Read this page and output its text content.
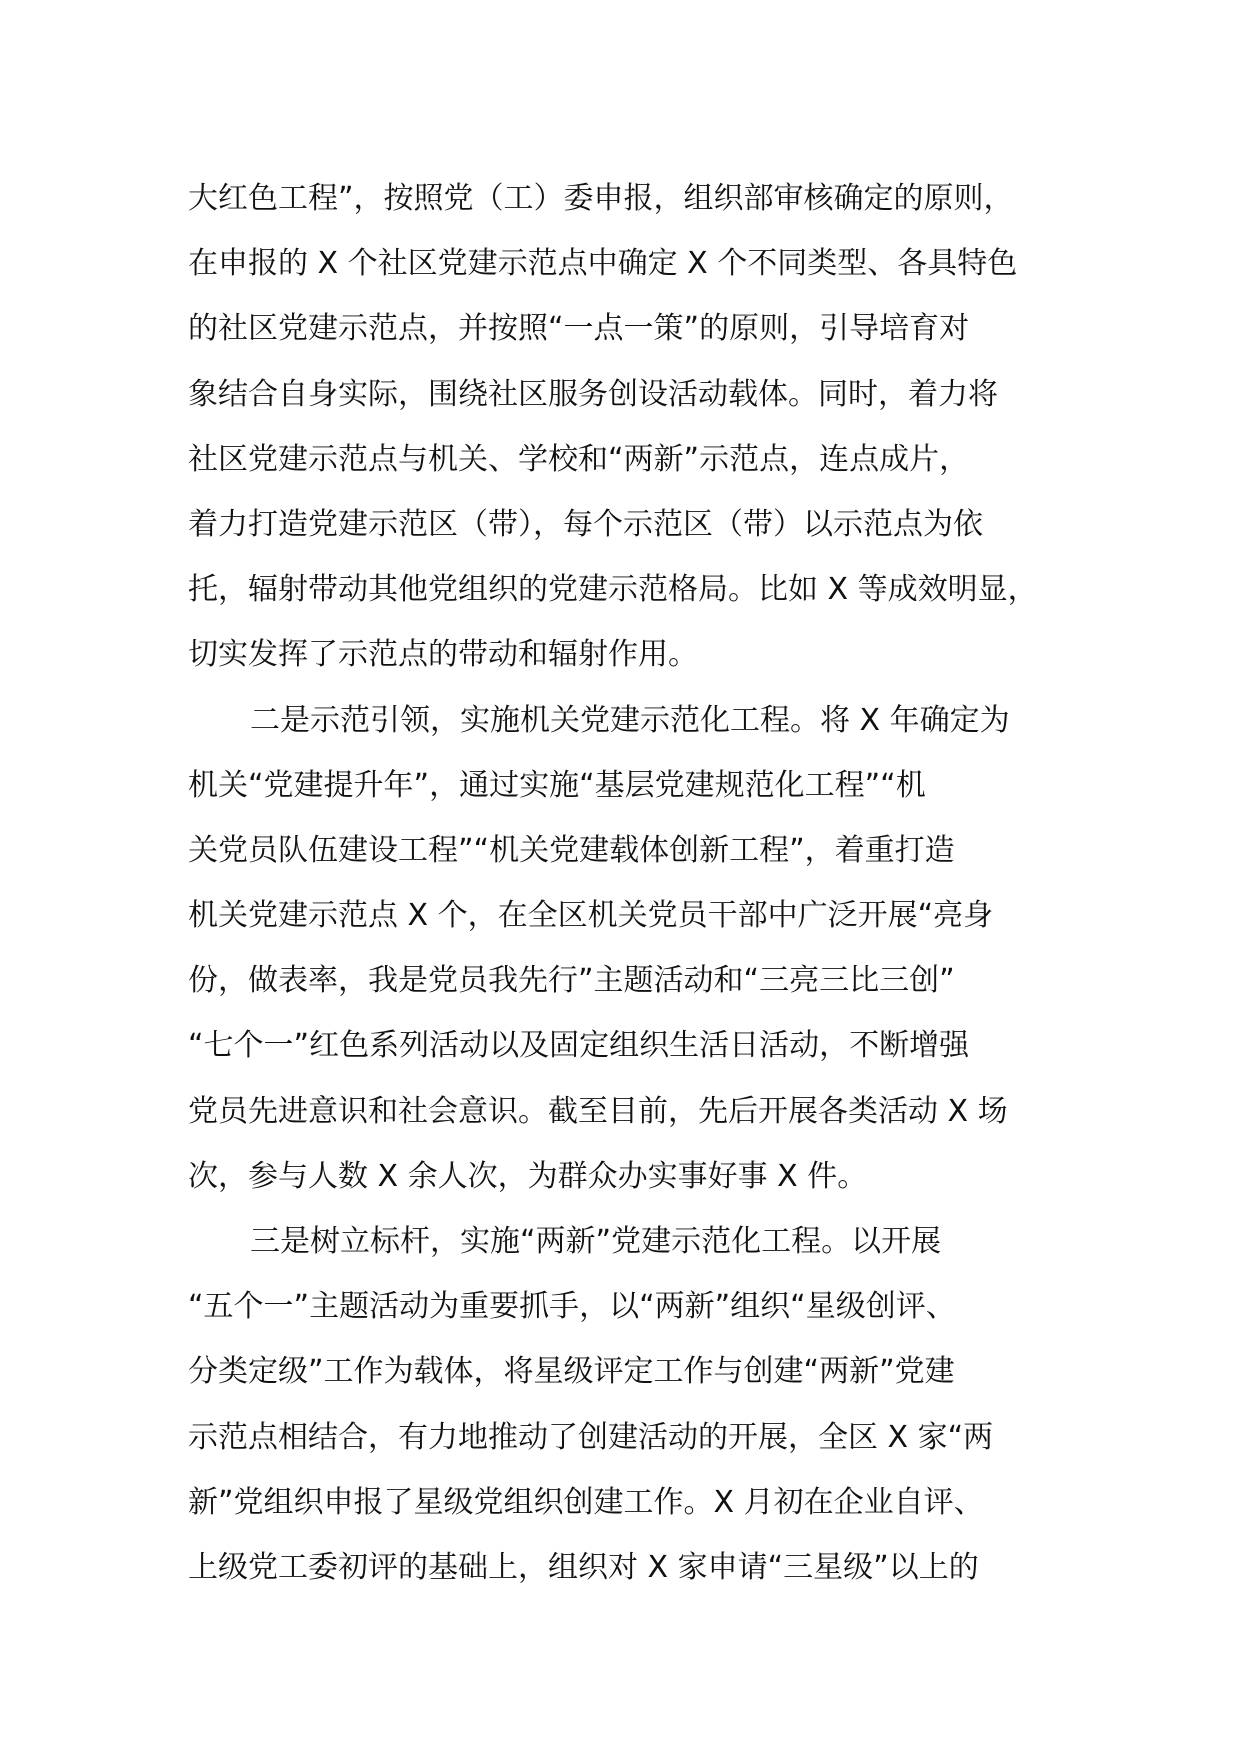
大红色工程”，按照党（工）委申报，组织部审核确定的原则，
在申报的 X 个社区党建示范点中确定 X 个不同类型、各具特色
的社区党建示范点，并按照“一点一策”的原则，引导培育对
象结合自身实际，围绕社区服务创设活动载体。同时，着力将
社区党建示范点与机关、学校和“两新”示范点，连点成片，
着力打造党建示范区（带），每个示范区（带）以示范点为依
托，辐射带动其他党组织的党建示范格局。比如 X 等成效明显，
切实发挥了示范点的带动和辐射作用。
二是示范引领，实施机关党建示范化工程。将 X 年确定为
机关“党建提升年”，通过实施“基层党建规范化工程”“机
关党员队伍建设工程”“机关党建载体创新工程”，着重打造
机关党建示范点 X 个，在全区机关党员干部中广泛开展“亮身
份，做表率，我是党员我先行”主题活动和“三亮三比三创”
“七个一”红色系列活动以及固定组织生活日活动，不断增强
党员先进意识和社会意识。截至目前，先后开展各类活动 X 场
次，参与人数 X 余人次，为群众办实事好事 X 件。
三是树立标杆，实施“两新”党建示范化工程。以开展
“五个一”主题活动为重要抓手，以“两新”组织“星级创评、
分类定级”工作为载体，将星级评定工作与创建“两新”党建
示范点相结合，有力地推动了创建活动的开展，全区 X 家“两
新”党组织申报了星级党组织创建工作。X 月初在企业自评、
上级党工委初评的基础上，组织对 X 家申请“三星级”以上的
